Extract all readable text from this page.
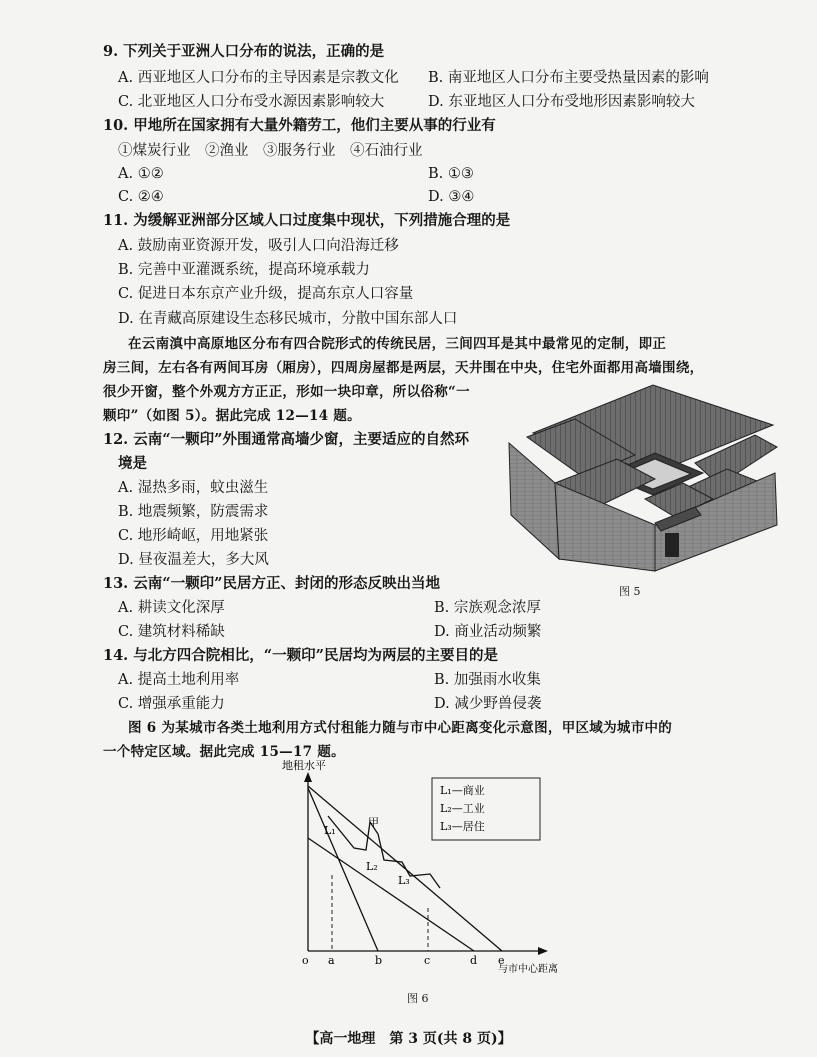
9. 下列关于亚洲人口分布的说法，正确的是
A. 西亚地区人口分布的主导因素是宗教文化 B. 南亚地区人口分布主要受热量因素的影响
C. 北亚地区人口分布受水源因素影响较大	D. 东亚地区人口分布受地形因素影响较大
10. 甲地所在国家拥有大量外籍劳工，他们主要从事的行业有
①煤炭行业　②渔业　③服务行业　④石油行业
A. ①②	B. ①③
C. ②④	D. ③④
11. 为缓解亚洲部分区域人口过度集中现状，下列措施合理的是
A. 鼓励南亚资源开发，吸引人口向沿海迁移
B. 完善中亚灌溉系统，提高环境承载力
C. 促进日本东京产业升级，提高东京人口容量
D. 在青藏高原建设生态移民城市，分散中国东部人口
在云南滇中高原地区分布有四合院形式的传统民居，三间四耳是其中最常见的定制，即正
房三间，左右各有两间耳房（厢房），四周房屋都是两层，天井围在中央，住宅外面都用高墙围绕，
很少开窗，整个外观方方正正，形如一块印章，所以俗称“一
颗印”（如图 5）。据此完成 12—14 题。
12. 云南“一颗印”外围通常高墙少窗，主要适应的自然环
境是
A. 湿热多雨，蚊虫滋生
B. 地震频繁，防震需求
C. 地形崎岖，用地紧张
D. 昼夜温差大，多大风
图 5
13. 云南“一颗印”民居方正、封闭的形态反映出当地
A. 耕读文化深厚	B. 宗族观念浓厚
C. 建筑材料稀缺	D. 商业活动频繁
14. 与北方四合院相比，“一颗印”民居均为两层的主要目的是
A. 提高土地利用率	B. 加强雨水收集
C. 增强承重能力	D. 减少野兽侵袭
图 6 为某城市各类土地利用方式付租能力随与市中心距离变化示意图，甲区域为城市中的
一个特定区域。据此完成 15—17 题。
地租水平
与市中心距离
L₁—商业
L₂—工业
L₃—居住
L₁
甲
L₂
L₃
o a	b	c	d e
图 6
【高一地理　第 3 页(共 8 页)】
